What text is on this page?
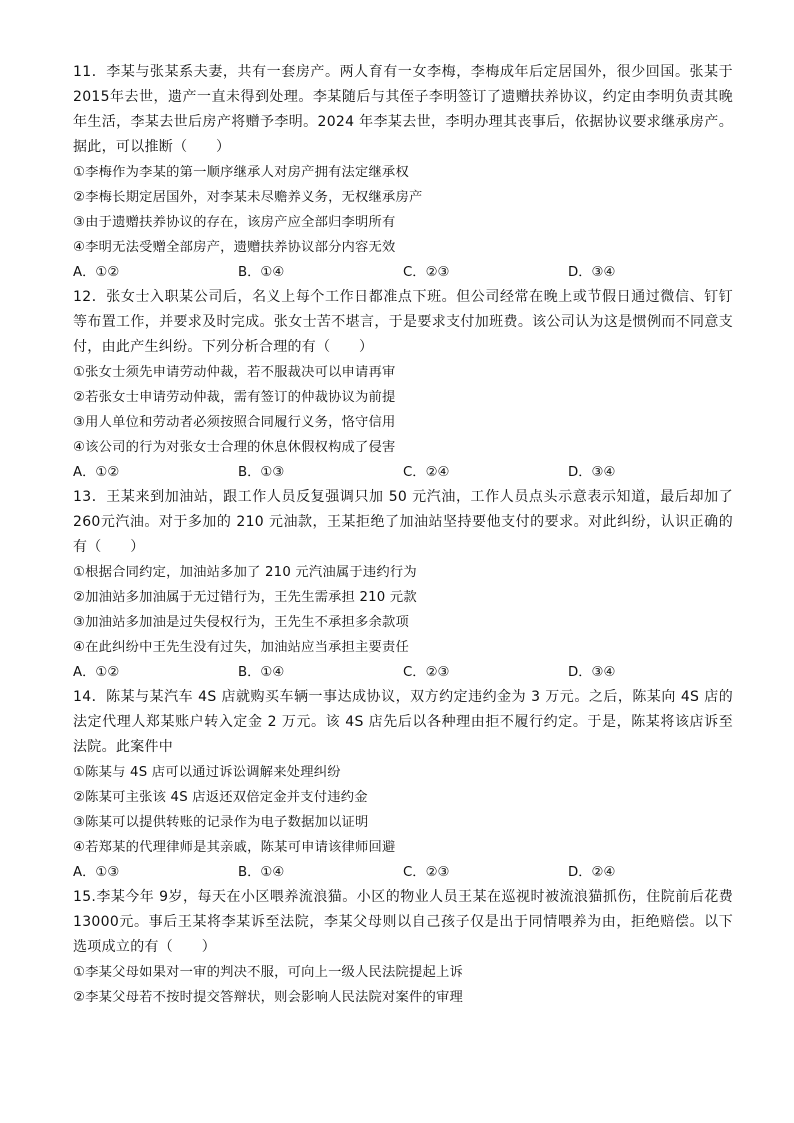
11．李某与张某系夫妻，共有一套房产。两人育有一女李梅，李梅成年后定居国外，很少回国。张某于 2015年去世，遗产一直未得到处理。李某随后与其侄子李明签订了遗赠扶养协议，约定由李明负责其晚年生活，李某去世后房产将赠予李明。2024 年李某去世，李明办理其丧事后，依据协议要求继承房产。据此，可以推断（　　）

①李梅作为李某的第一顺序继承人对房产拥有法定继承权

②李梅长期定居国外，对李某未尽赡养义务，无权继承房产

③由于遗赠扶养协议的存在，该房产应全部归李明所有

④李明无法受赠全部房产，遗赠扶养协议部分内容无效

A．①②	B．①④	C．②③	D．③④

12．张女士入职某公司后，名义上每个工作日都准点下班。但公司经常在晚上或节假日通过微信、钉钉等布置工作，并要求及时完成。张女士苦不堪言，于是要求支付加班费。该公司认为这是惯例而不同意支付，由此产生纠纷。下列分析合理的有（　　）

①张女士须先申请劳动仲裁，若不服裁决可以申请再审

②若张女士申请劳动仲裁，需有签订的仲裁协议为前提

③用人单位和劳动者必须按照合同履行义务，恪守信用

④该公司的行为对张女士合理的休息休假权构成了侵害

A．①②	B．①③	C．②④	D．③④

13．王某来到加油站，跟工作人员反复强调只加 50 元汽油，工作人员点头示意表示知道，最后却加了 260元汽油。对于多加的 210 元油款，王某拒绝了加油站坚持要他支付的要求。对此纠纷，认识正确的有（　　）

①根据合同约定，加油站多加了 210 元汽油属于违约行为

②加油站多加油属于无过错行为，王先生需承担 210 元款

③加油站多加油是过失侵权行为，王先生不承担多余款项

④在此纠纷中王先生没有过失，加油站应当承担主要责任

A．①②	B．①④	C．②③	D．③④

14．陈某与某汽车 4S 店就购买车辆一事达成协议，双方约定违约金为 3 万元。之后，陈某向 4S 店的法定代理人郑某账户转入定金 2 万元。该 4S 店先后以各种理由拒不履行约定。于是，陈某将该店诉至法院。此案件中

①陈某与 4S 店可以通过诉讼调解来处理纠纷

②陈某可主张该 4S 店返还双倍定金并支付违约金

③陈某可以提供转账的记录作为电子数据加以证明

④若郑某的代理律师是其亲戚，陈某可申请该律师回避

A．①③	B．①④	C．②③	D．②④

15.李某今年 9岁，每天在小区喂养流浪猫。小区的物业人员王某在巡视时被流浪猫抓伤，住院前后花费 13000元。事后王某将李某诉至法院，李某父母则以自己孩子仅是出于同情喂养为由，拒绝赔偿。以下选项成立的有（　　）

①李某父母如果对一审的判决不服，可向上一级人民法院提起上诉

②李某父母若不按时提交答辩状，则会影响人民法院对案件的审理
